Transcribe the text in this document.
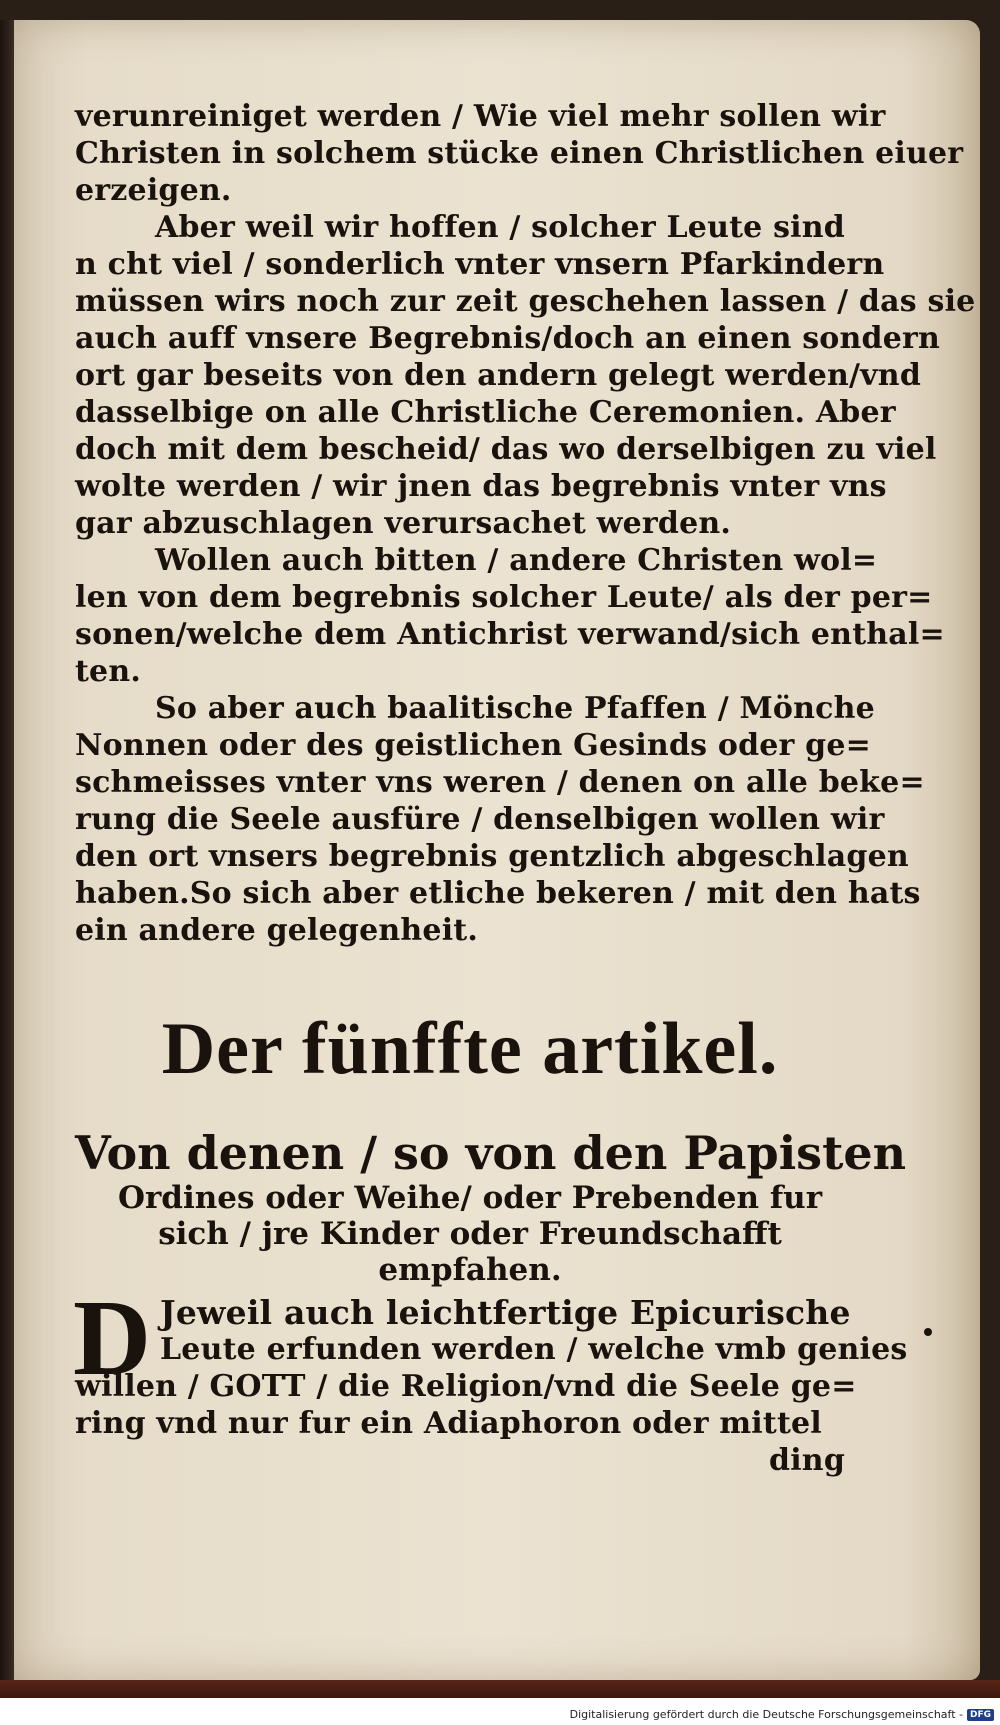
verunreiniget werden / Wie viel mehr sollen wir
Christen in solchem stücke einen Christlichen eiuer
erzeigen.
Aber weil wir hoffen / solcher Leute sind
n cht viel / sonderlich vnter vnsern Pfarkindern
müssen wirs noch zur zeit geschehen lassen / das sie
auch auff vnsere Begrebnis/doch an einen sondern
ort gar beseits von den andern gelegt werden/vnd
dasselbige on alle Christliche Ceremonien. Aber
doch mit dem bescheid/ das wo derselbigen zu viel
wolte werden / wir jnen das begrebnis vnter vns
gar abzuschlagen verursachet werden.
Wollen auch bitten / andere Christen wol=
len von dem begrebnis solcher Leute/ als der per=
sonen/welche dem Antichrist verwand/sich enthal=
ten.
So aber auch baalitische Pfaffen / Mönche
Nonnen oder des geistlichen Gesinds oder ge=
schmeisses vnter vns weren / denen on alle beke=
rung die Seele ausfüre / denselbigen wollen wir
den ort vnsers begrebnis gentzlich abgeschlagen
haben.So sich aber etliche bekeren / mit den hats
ein andere gelegenheit.
Der fünffte artikel.
Von denen / so von den Papisten
Ordines oder Weihe/ oder Prebenden fur
sich / jre Kinder oder Freundschafft
empfahen.
D Jeweil auch leichtfertige Epicurische
Leute erfunden werden / welche vmb genies
willen / GOTT / die Religion/vnd die Seele ge=
ring vnd nur fur ein Adiaphoron oder mittel
ding
Digitalisierung gefördert durch die Deutsche Forschungsgemeinschaft - DFG
